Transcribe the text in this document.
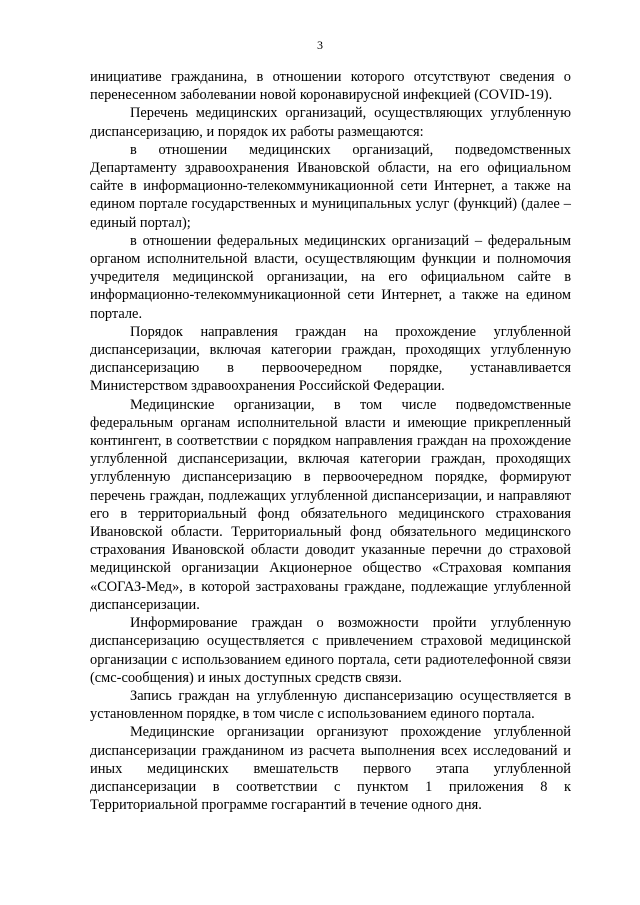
3

инициативе гражданина, в отношении которого отсутствуют сведения о перенесенном заболевании новой коронавирусной инфекцией (COVID-19).

Перечень медицинских организаций, осуществляющих углубленную диспансеризацию, и порядок их работы размещаются:

в отношении медицинских организаций, подведомственных Департаменту здравоохранения Ивановской области, на его официальном сайте в информационно-телекоммуникационной сети Интернет, а также на едином портале государственных и муниципальных услуг (функций) (далее – единый портал);

в отношении федеральных медицинских организаций – федеральным органом исполнительной власти, осуществляющим функции и полномочия учредителя медицинской организации, на его официальном сайте в информационно-телекоммуникационной сети Интернет, а также на едином портале.

Порядок направления граждан на прохождение углубленной диспансеризации, включая категории граждан, проходящих углубленную диспансеризацию в первоочередном порядке, устанавливается Министерством здравоохранения Российской Федерации.

Медицинские организации, в том числе подведомственные федеральным органам исполнительной власти и имеющие прикрепленный контингент, в соответствии с порядком направления граждан на прохождение углубленной диспансеризации, включая категории граждан, проходящих углубленную диспансеризацию в первоочередном порядке, формируют перечень граждан, подлежащих углубленной диспансеризации, и направляют его в территориальный фонд обязательного медицинского страхования Ивановской области. Территориальный фонд обязательного медицинского страхования Ивановской области доводит указанные перечни до страховой медицинской организации Акционерное общество «Страховая компания «СОГАЗ-Мед», в которой застрахованы граждане, подлежащие углубленной диспансеризации.

Информирование граждан о возможности пройти углубленную диспансеризацию осуществляется с привлечением страховой медицинской организации с использованием единого портала, сети радиотелефонной связи (смс-сообщения) и иных доступных средств связи.

Запись граждан на углубленную диспансеризацию осуществляется в установленном порядке, в том числе с использованием единого портала.

Медицинские организации организуют прохождение углубленной диспансеризации гражданином из расчета выполнения всех исследований и иных медицинских вмешательств первого этапа углубленной диспансеризации в соответствии с пунктом 1 приложения 8 к Территориальной программе госгарантий в течение одного дня.
